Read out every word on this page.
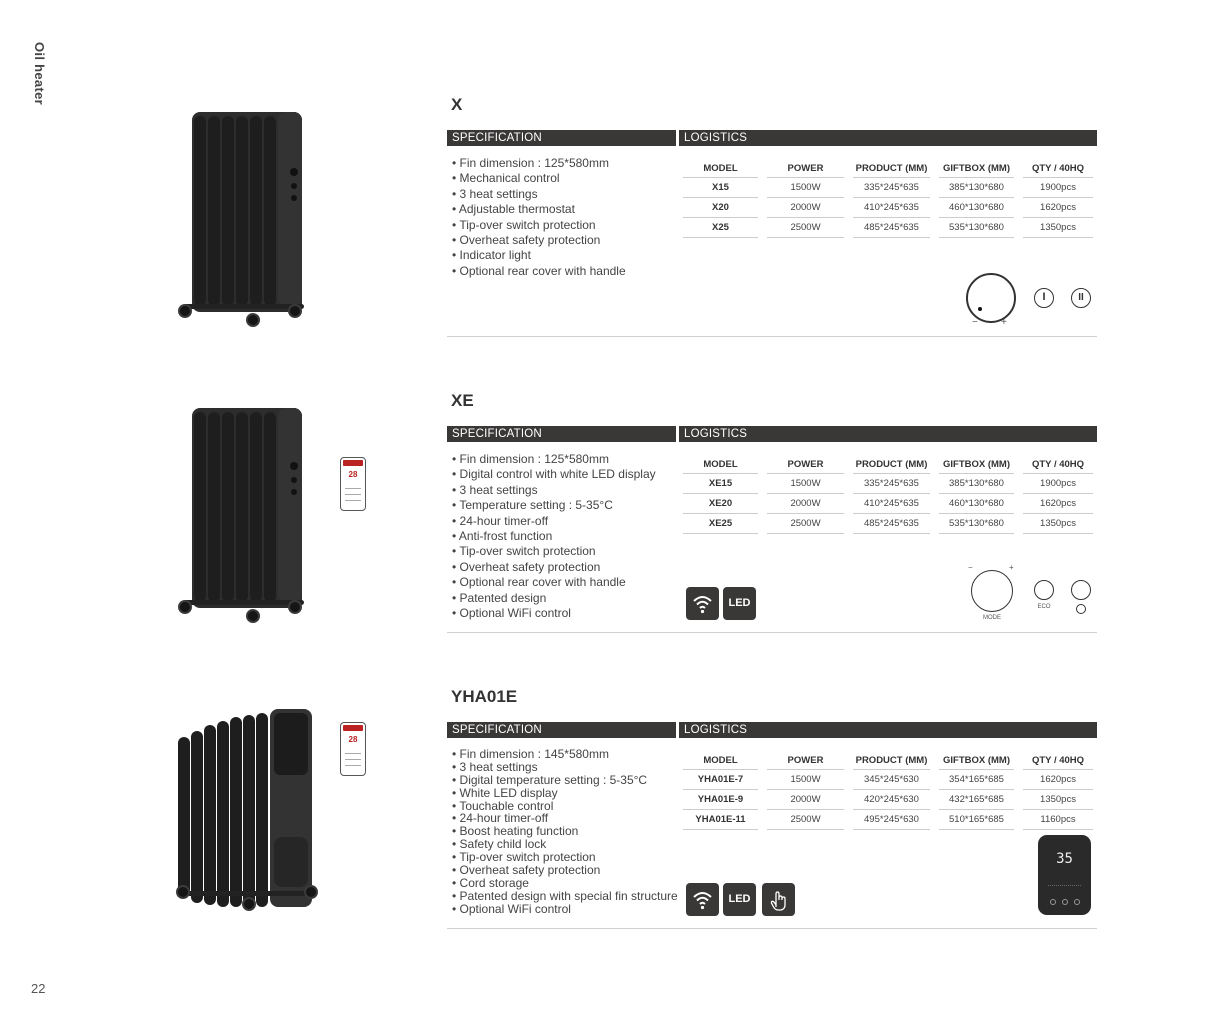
Oil heater
22
X
SPECIFICATION	LOGISTICS
• Fin dimension : 125*580mm
• Mechanical control
• 3 heat settings
• Adjustable thermostat
• Tip-over switch protection
• Overheat safety protection
• Indicator light
• Optional rear cover with handle
MODEL	POWER	PRODUCT (MM)	GIFTBOX (MM)	QTY / 40HQ
X15	1500W	335*245*635	385*130*680	1900pcs
X20	2000W	410*245*635	460*130*680	1620pcs
X25	2500W	485*245*635	535*130*680	1350pcs
− +
I	II
28
XE
SPECIFICATION	LOGISTICS
• Fin dimension : 125*580mm
• Digital control with white LED display
• 3 heat settings
• Temperature setting : 5-35°C
• 24-hour timer-off
• Anti-frost function
• Tip-over switch protection
• Overheat safety protection
• Optional rear cover with handle
• Patented design
• Optional WiFi control
MODEL	POWER	PRODUCT (MM)	GIFTBOX (MM)	QTY / 40HQ
XE15	1500W	335*245*635	385*130*680	1900pcs
XE20	2000W	410*245*635	460*130*680	1620pcs
XE25	2500W	485*245*635	535*130*680	1350pcs
LED
−	+
MODE
ECO
28
YHA01E
SPECIFICATION	LOGISTICS
• Fin dimension : 145*580mm
• 3 heat settings
• Digital temperature setting : 5-35°C
• White LED display
• Touchable control
• 24-hour timer-off
• Boost heating function
• Safety child lock
• Tip-over switch protection
• Overheat safety protection
• Cord storage
• Patented design with special fin structure
• Optional WiFi control
MODEL	POWER	PRODUCT (MM)	GIFTBOX (MM)	QTY / 40HQ
YHA01E-7	1500W	345*245*630	354*165*685	1620pcs
YHA01E-9	2000W	420*245*630	432*165*685	1350pcs
YHA01E-11	2500W	495*245*630	510*165*685	1160pcs
LED
35
